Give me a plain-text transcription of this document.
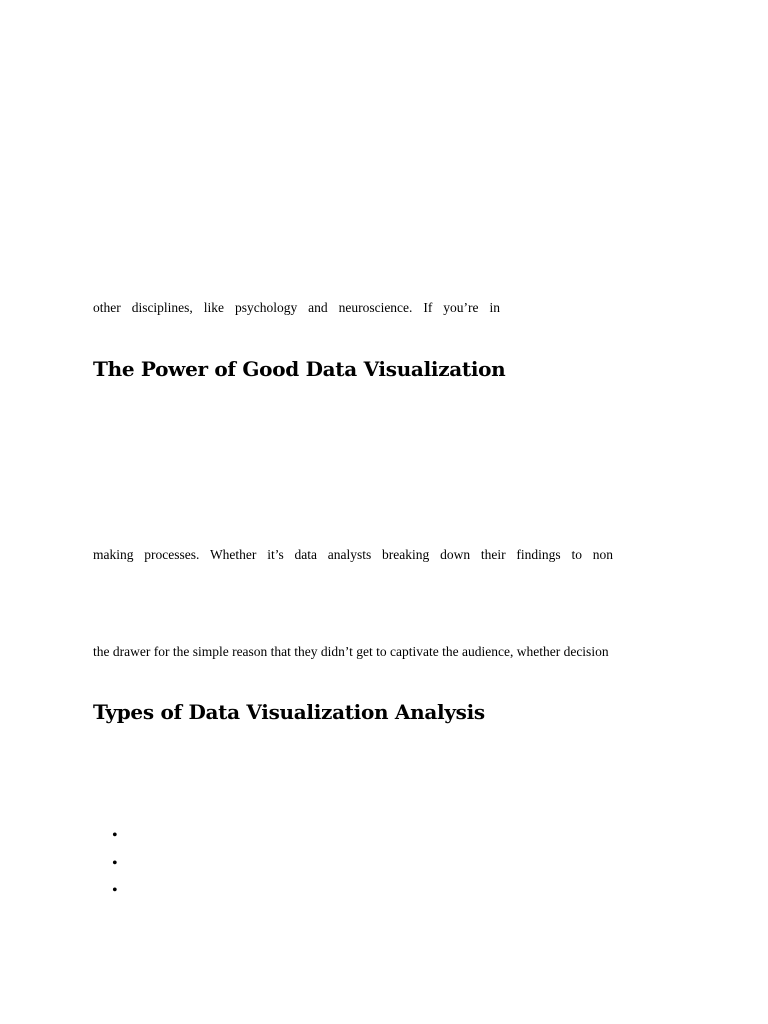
other disciplines, like psychology and neuroscience. If you’re in

The Power of Good Data Visualization

making processes. Whether it’s data analysts breaking down their findings to non

the drawer for the simple reason that they didn’t get to captivate the audience, whether decision

Types of Data Visualization Analysis
•
•
•
